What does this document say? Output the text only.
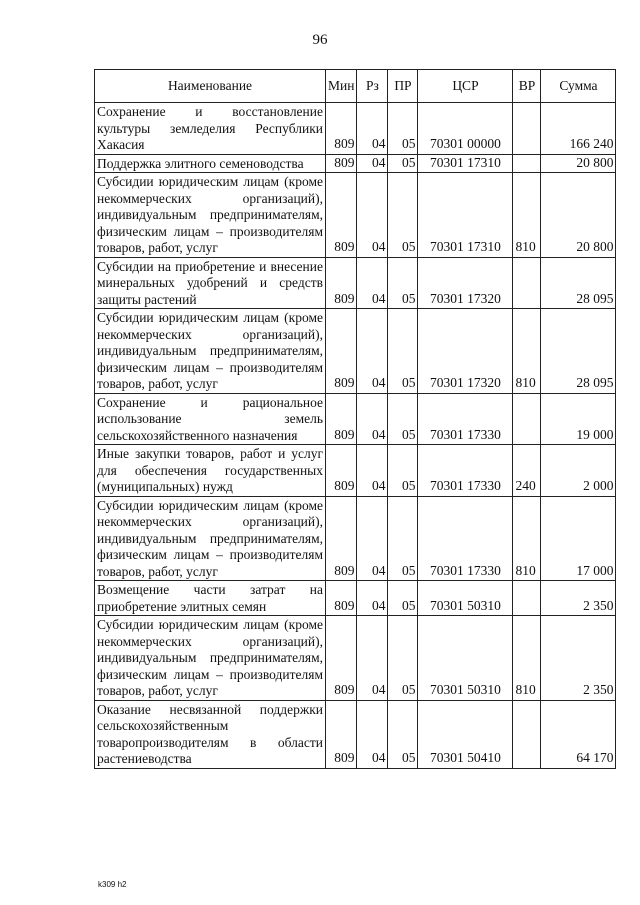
96
Наименование	Мин	Рз	ПР	ЦСР	ВР	Сумма
Сохранение и восстановление культуры земледелия Республики Хакасия	809	04	05	70301 00000		166 240
Поддержка элитного семеноводства	809	04	05	70301 17310		20 800
Субсидии юридическим лицам (кроме некоммерческих организаций), индивидуальным предпринимателям, физическим лицам – производителям товаров, работ, услуг	809	04	05	70301 17310	810	20 800
Субсидии на приобретение и внесение минеральных удобрений и средств защиты растений	809	04	05	70301 17320		28 095
Субсидии юридическим лицам (кроме некоммерческих организаций), индивидуальным предпринимателям, физическим лицам – производителям товаров, работ, услуг	809	04	05	70301 17320	810	28 095
Сохранение и рациональное использование земель сельскохозяйственного назначения	809	04	05	70301 17330		19 000
Иные закупки товаров, работ и услуг для обеспечения государственных (муниципальных) нужд	809	04	05	70301 17330	240	2 000
Субсидии юридическим лицам (кроме некоммерческих организаций), индивидуальным предпринимателям, физическим лицам – производителям товаров, работ, услуг	809	04	05	70301 17330	810	17 000
Возмещение части затрат на приобретение элитных семян	809	04	05	70301 50310		2 350
Субсидии юридическим лицам (кроме некоммерческих организаций), индивидуальным предпринимателям, физическим лицам – производителям товаров, работ, услуг	809	04	05	70301 50310	810	2 350
Оказание несвязанной поддержки сельскохозяйственным товаропроизводителям в области растениеводства	809	04	05	70301 50410		64 170
k309 h2
